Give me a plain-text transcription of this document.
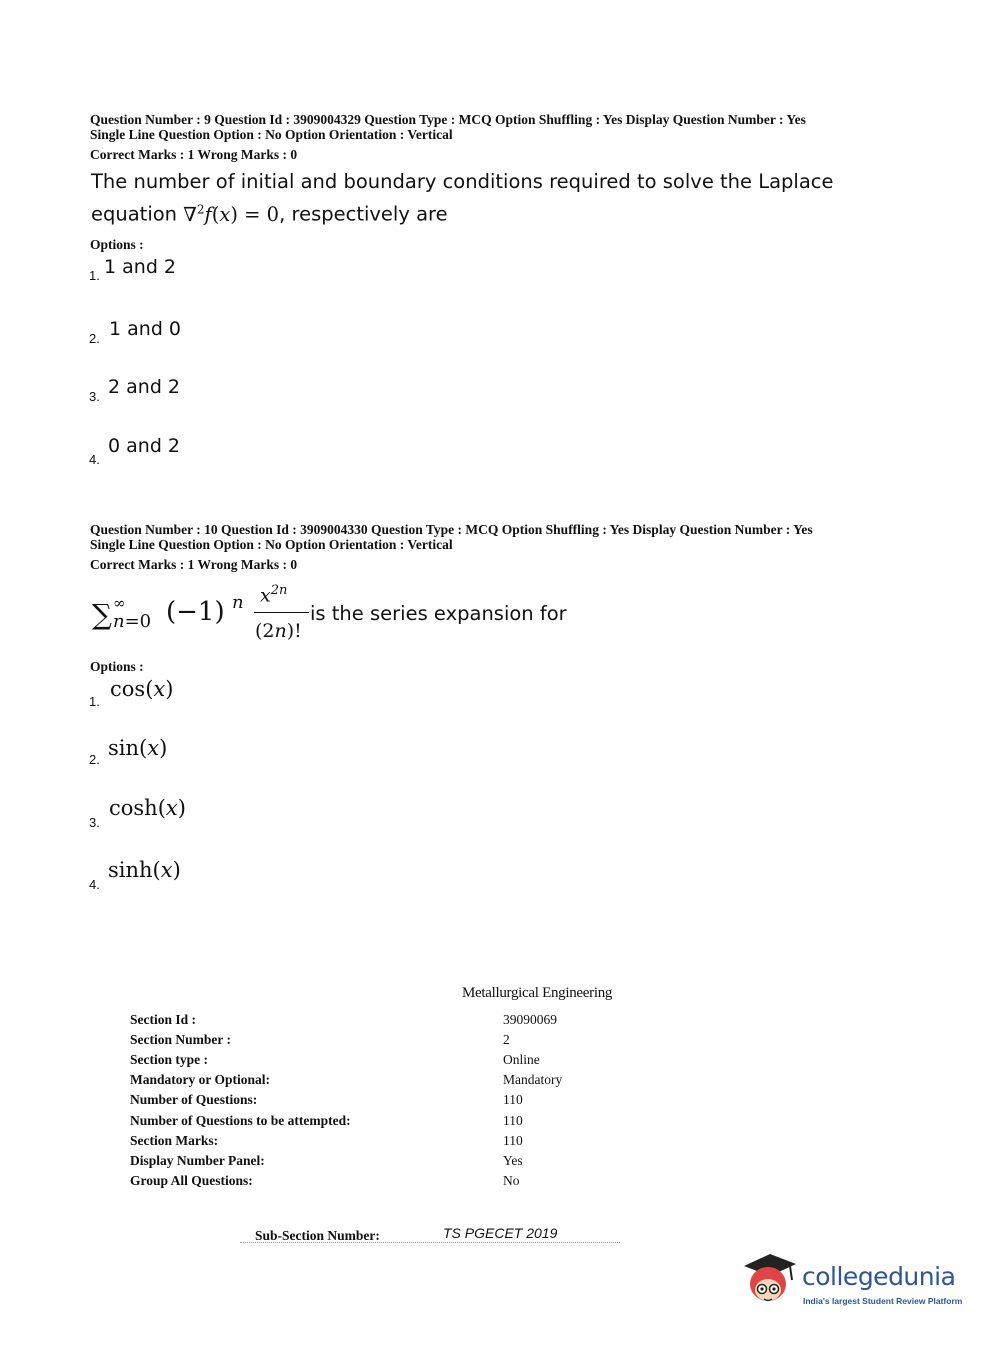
Question Number : 9 Question Id : 3909004329 Question Type : MCQ Option Shuffling : Yes Display Question Number : Yes
Single Line Question Option : No Option Orientation : Vertical
Correct Marks : 1 Wrong Marks : 0
The number of initial and boundary conditions required to solve the Laplace
equation ∇$^2$f(x) = 0, respectively are
Options :
1. 1 and 2
2. 1 and 0
3. 2 and 2
4.
0 and 2
Question Number : 10 Question Id : 3909004330 Question Type : MCQ Option Shuffling : Yes Display Question Number : Yes
Single Line Question Option : No Option Orientation : Vertical
Correct Marks : 1 Wrong Marks : 0
∑ ∞
n=0 (−1) n $x^{2n}$
(2n)!
is the series expansion for
Options :
1.
cos(x)
2. sin(x)
3.
cosh(x)
4.
sinh(x)
Metallurgical Engineering
Section Id :	39090069
Section Number :	2
Section type :	Online
Mandatory or Optional:	Mandatory
Number of Questions:	110
Number of Questions to be attempted:	110
Section Marks:	110
Display Number Panel:	Yes
Group All Questions:	No
Sub-Section Number:	TS PGECET 2019
collegedunia
India's largest Student Review Platform
